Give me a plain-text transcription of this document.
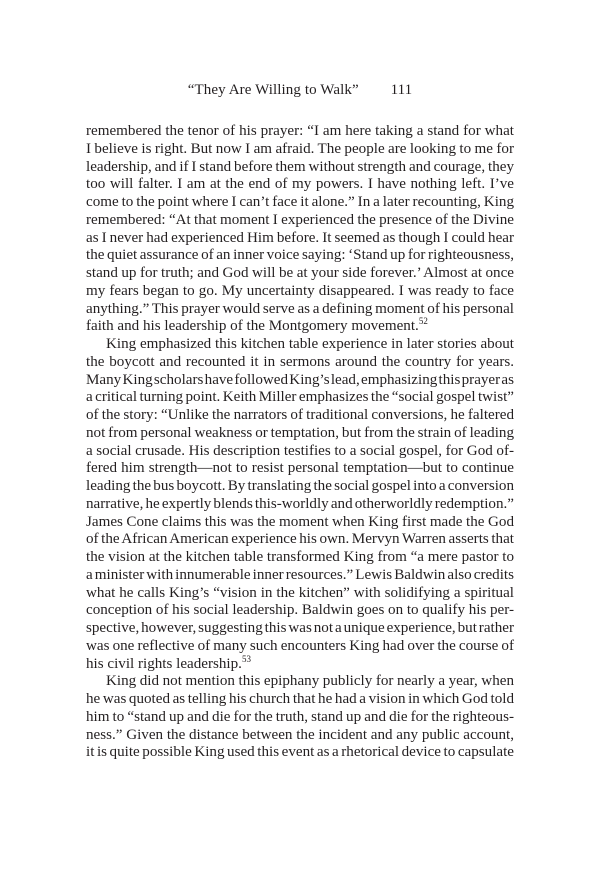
“They Are Willing to Walk” 111
remembered the tenor of his prayer: “I am here taking a stand for what
I believe is right. But now I am afraid. The people are looking to me for
leadership, and if I stand before them without strength and courage, they
too will falter. I am at the end of my powers. I have nothing left. I’ve
come to the point where I can’t face it alone.” In a later recounting, King
remembered: “At that moment I experienced the presence of the Divine
as I never had experienced Him before. It seemed as though I could hear
the quiet assurance of an inner voice saying: ‘Stand up for righteousness,
stand up for truth; and God will be at your side forever.’ Almost at once
my fears began to go. My uncertainty disappeared. I was ready to face
anything.” This prayer would serve as a defining moment of his personal
faith and his leadership of the Montgomery movement.$^{52}$
King emphasized this kitchen table experience in later stories about
the boycott and recounted it in sermons around the country for years.
Many King scholars have followed King’s lead, emphasizing this prayer as
a critical turning point. Keith Miller emphasizes the “social gospel twist”
of the story: “Unlike the narrators of traditional conversions, he faltered
not from personal weakness or temptation, but from the strain of leading
a social crusade. His description testifies to a social gospel, for God of-
fered him strength—not to resist personal temptation—but to continue
leading the bus boycott. By translating the social gospel into a conversion
narrative, he expertly blends this-worldly and otherworldly redemption.”
James Cone claims this was the moment when King first made the God
of the African American experience his own. Mervyn Warren asserts that
the vision at the kitchen table transformed King from “a mere pastor to
a minister with innumerable inner resources.” Lewis Baldwin also credits
what he calls King’s “vision in the kitchen” with solidifying a spiritual
conception of his social leadership. Baldwin goes on to qualify his per-
spective, however, suggesting this was not a unique experience, but rather
was one reflective of many such encounters King had over the course of
his civil rights leadership.$^{53}$
King did not mention this epiphany publicly for nearly a year, when
he was quoted as telling his church that he had a vision in which God told
him to “stand up and die for the truth, stand up and die for the righteous-
ness.” Given the distance between the incident and any public account,
it is quite possible King used this event as a rhetorical device to capsulate
